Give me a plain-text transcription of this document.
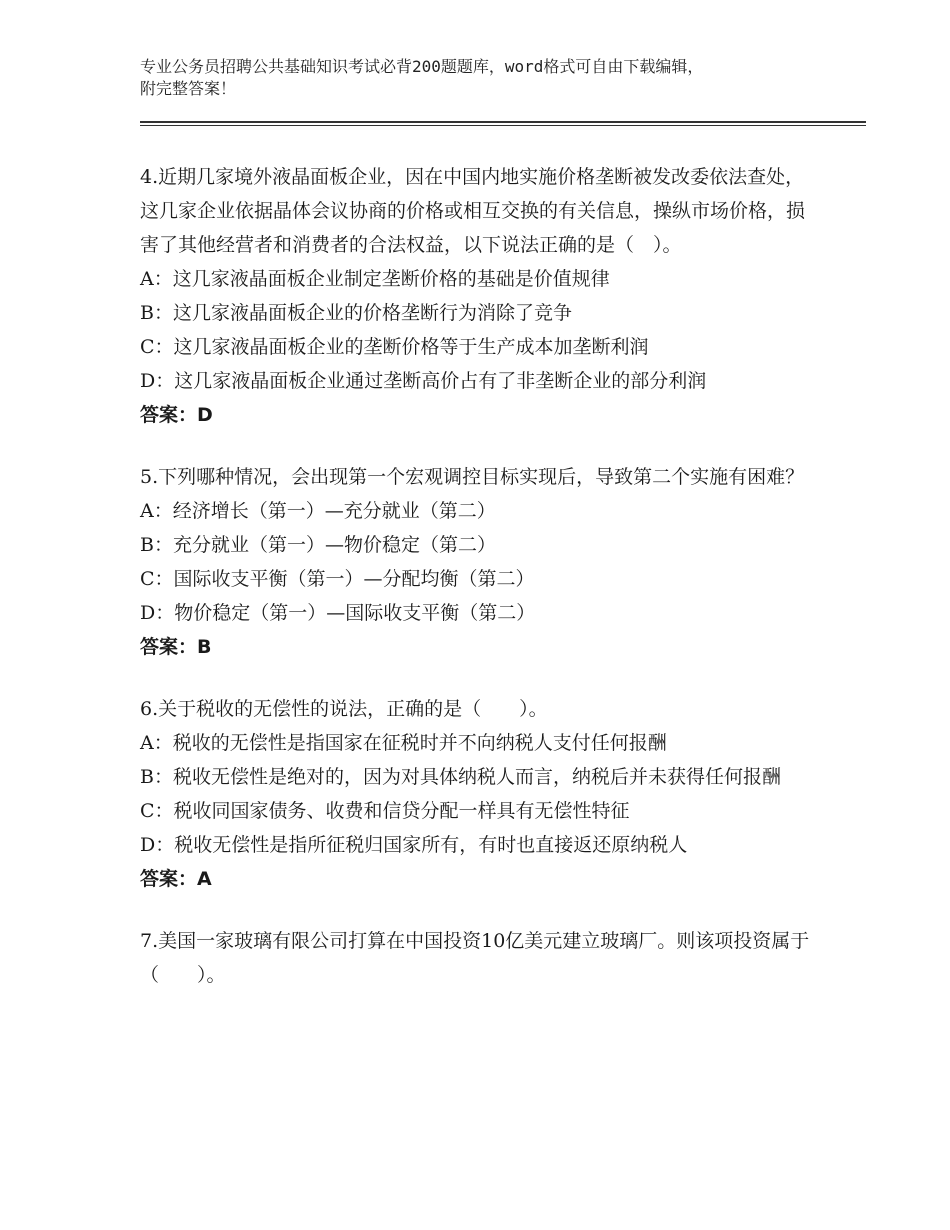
专业公务员招聘公共基础知识考试必背200题题库，word格式可自由下载编辑，
附完整答案！

4.近期几家境外液晶面板企业，因在中国内地实施价格垄断被发改委依法查处，这几家企业依据晶体会议协商的价格或相互交换的有关信息，操纵市场价格，损害了其他经营者和消费者的合法权益，以下说法正确的是（　）。

A：这几家液晶面板企业制定垄断价格的基础是价值规律

B：这几家液晶面板企业的价格垄断行为消除了竞争

C：这几家液晶面板企业的垄断价格等于生产成本加垄断利润

D：这几家液晶面板企业通过垄断高价占有了非垄断企业的部分利润

答案：D

5.下列哪种情况，会出现第一个宏观调控目标实现后，导致第二个实施有困难？

A：经济增长（第一）—充分就业（第二）

B：充分就业（第一）—物价稳定（第二）

C：国际收支平衡（第一）—分配均衡（第二）

D：物价稳定（第一）—国际收支平衡（第二）

答案：B

6.关于税收的无偿性的说法，正确的是（　　）。

A：税收的无偿性是指国家在征税时并不向纳税人支付任何报酬

B：税收无偿性是绝对的，因为对具体纳税人而言，纳税后并未获得任何报酬

C：税收同国家债务、收费和信贷分配一样具有无偿性特征

D：税收无偿性是指所征税归国家所有，有时也直接返还原纳税人

答案：A

7.美国一家玻璃有限公司打算在中国投资10亿美元建立玻璃厂。则该项投资属于（　　）。
